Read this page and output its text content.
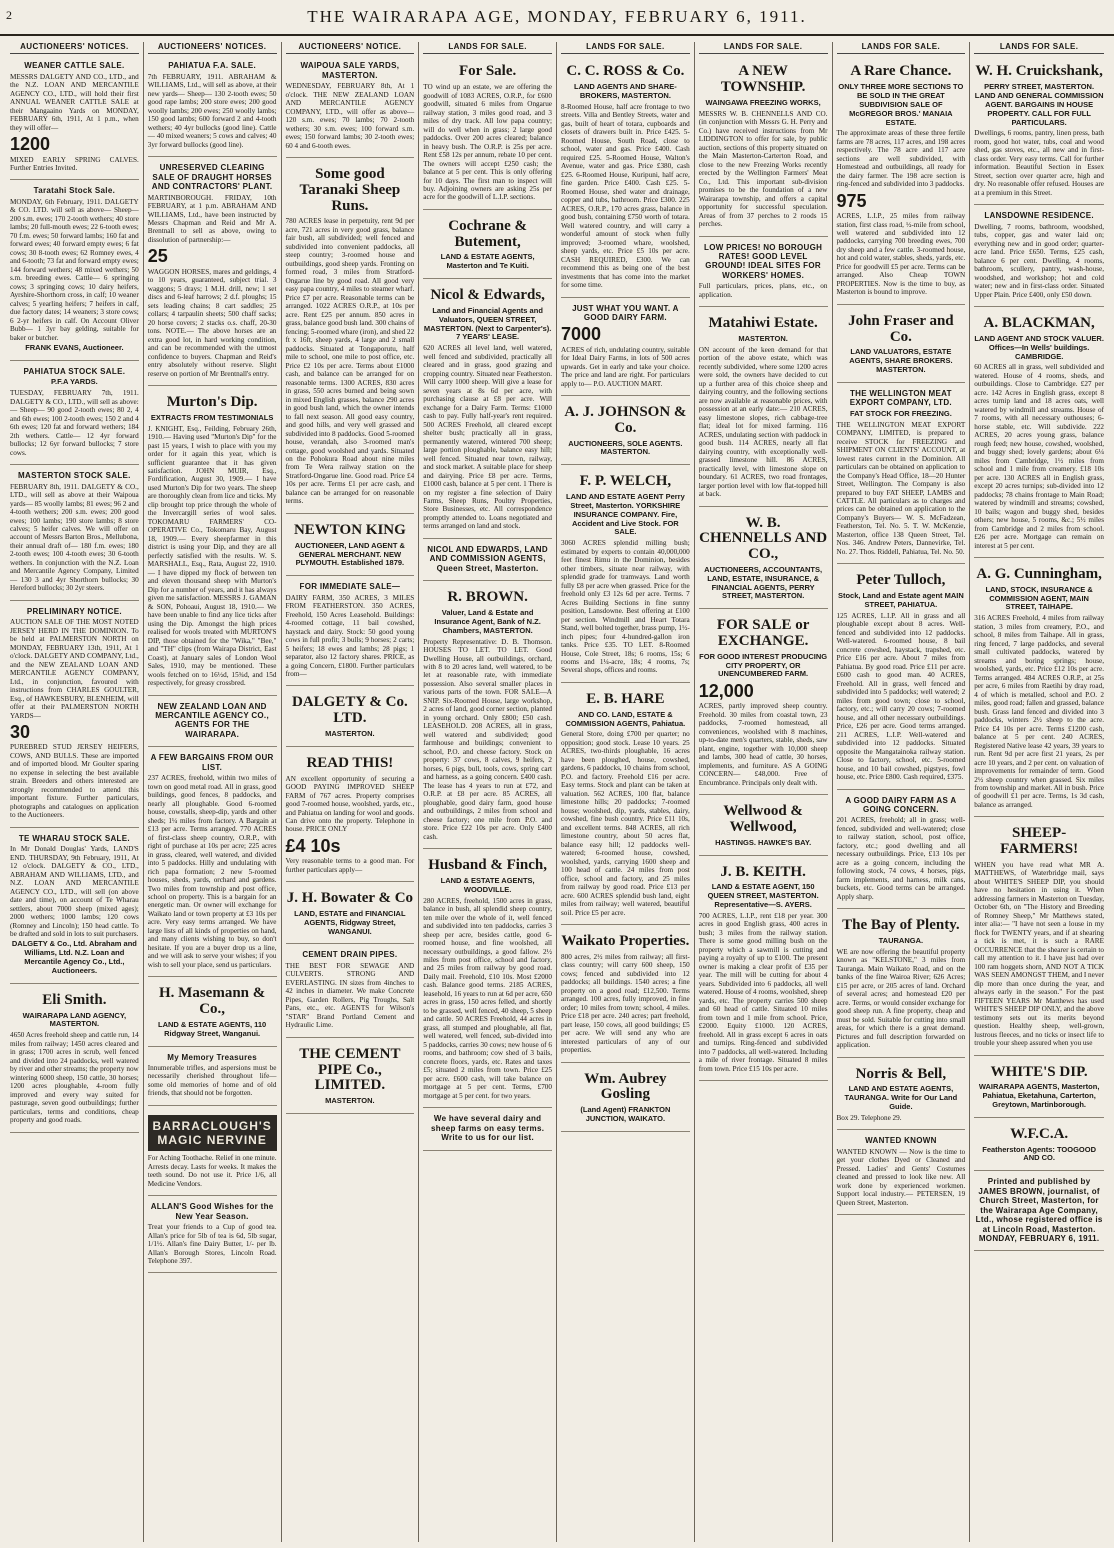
2	THE WAIRARAPA AGE, MONDAY, FEBRUARY 6, 1911.
AUCTIONEERS' NOTICES.
WEANER CATTLE SALE.

MESSRS DALGETY AND CO., LTD., and the N.Z. LOAN AND MERCANTILE AGENCY CO., LTD., will hold their first ANNUAL WEANER CATTLE SALE at their Mangaaino Yards on MONDAY, FEBRUARY 6th, 1911, At 1 p.m., when they will offer—

1200

MIXED EARLY SPRING CALVES. Further Entries Invited.

Taratahi Stock Sale.

MONDAY, 6th February, 1911. DALGETY & CO. LTD. will sell as above— Sheep— 200 s.m. ewes; 170 2-tooth wethers; 40 store lambs; 20 full-mouth ewes; 22 6-tooth ewes; 70 f.m. ewes; 50 forward lambs; 160 fat and forward ewes; 40 forward empty ewes; 6 fat cows; 30 8-tooth ewes; 62 Romney ewes, 4 and 6-tooth; 73 fat and forward empty ewes; 144 forward wethers; 48 mixed wethers; 50 s.m. breeding ewes. Cattle— 6 springing cows; 3 springing cows; 10 dairy heifers, Ayrshire-Shorthorn cross, in calf; 10 weaner calves; 5 yearling heifers; 7 heifers in calf, due factory dates; 14 weaners; 3 store cows; 6 2-yr heifers in calf. On Account Oliver Bubb— 1 3yr bay gelding, suitable for baker or butcher.

FRANK EVANS, Auctioneer.

PAHIATUA STOCK SALE.
P.F.A YARDS.

TUESDAY, FEBRUARY 7th, 1911. DALGETY & CO., LTD., will sell as above:— Sheep— 90 good 2-tooth ewes; 80 2, 4 and 6th ewes; 100 2-tooth ewes; 150 2 and 4 6th ewes; 120 fat and forward wethers; 184 2th wethers. Cattle— 12 4yr forward bullocks; 12 6yr forward bullocks; 7 store cows.

MASTERTON STOCK SALE.

FEBRUARY 8th, 1911. DALGETY & CO., LTD., will sell as above at their Waipoua yards— 85 woolly lambs; 81 ewes; 96 2 and 4-tooth wethers; 200 s.m. ewes; 200 good ewes; 100 lambs; 190 store lambs; 8 store calves; 5 heifer calves. We will offer on account of Messrs Barton Bros., Mellubona, their annual draft of— 180 f.m. ewes; 180 2-tooth ewes; 100 4-tooth ewes; 30 6-tooth wethers. In conjunction with the N.Z. Loan and Mercantile Agency Company, Limited— 130 3 and 4yr Shorthorn bullocks; 30 Hereford bullocks; 30 2yr steers.

PRELIMINARY NOTICE.

AUCTION SALE OF THE MOST NOTED JERSEY HERD IN THE DOMINION. To be held at PALMERSTON NORTH on MONDAY, FEBRUARY 13th, 1911, At 1 o'clock. DALGETY AND COMPANY, Ltd., and the NEW ZEALAND LOAN AND MERCANTILE AGENCY COMPANY, Ltd., in conjunction, favoured with instructions from CHARLES GOULTER, Esq., of HAWKESBURY, BLENHEIM, will offer at their PALMERSTON NORTH YARDS—

30

PUREBRED STUD JERSEY HEIFERS, COWS, AND BULLS. These are imported and of imported blood. Mr Goulter sparing no expense in selecting the best available strain. Breeders and others interested are strongly recommended to attend this important fixture. Further particulars, photographs and catalogues on application to the Auctioneers.

TE WHARAU STOCK SALE.

In Mr Donald Douglas' Yards, LAND'S END. THURSDAY, 9th February, 1911, At 12 o'clock. DALGETY & CO., LTD., ABRAHAM AND WILLIAMS, LTD., and N.Z. LOAN AND MERCANTILE AGENCY CO., LTD., will sell (on above date and time), on account of Te Wharau settlers, about 7000 sheep (mixed ages); 2000 wethers; 1000 lambs; 120 cows (Romney and Lincoln); 150 head cattle. To be drafted and sold in lots to suit purchasers.

DALGETY & Co., Ltd. Abraham and Williams, Ltd. N.Z. Loan and Mercantile Agency Co., Ltd., Auctioneers.

Eli Smith.
WAIRARAPA LAND AGENCY, MASTERTON.

4650 Acres freehold sheep and cattle run, 14 miles from railway; 1450 acres cleared and in grass; 1700 acres in scrub, well fenced and divided into 24 paddocks, well watered by river and other streams; the property now wintering 6000 sheep, 150 cattle, 30 horses; 1200 acres ploughable, 4-room fully improved and every way suited for pasturage, seven good outbuildings; further particulars, terms and conditions, cheap property and good roads.

AUCTIONEERS' NOTICES.
PAHIATUA F.A. SALE.

7th FEBRUARY, 1911. ABRAHAM & WILLIAMS, Ltd., will sell as above, at their new yards— Sheep— 130 2-tooth ewes; 50 good rape lambs; 200 store ewes; 200 good woolly lambs; 200 ewes; 250 woolly lambs; 150 good lambs; 600 forward 2 and 4-tooth wethers; 40 4yr bullocks (good line). Cattle— 40 mixed weaners; 5 cows and calves; 40 3yr forward bullocks (good line).

UNRESERVED CLEARING SALE OF DRAUGHT HORSES AND CONTRACTORS' PLANT.

MARTINBOROUGH. FRIDAY, 10th FEBRUARY, at 1 p.m. ABRAHAM AND WILLIAMS, Ltd., have been instructed by Messrs Chapman and Reid and Mr A. Brentnall to sell as above, owing to dissolution of partnership:—

25

WAGGON HORSES, mares and geldings, 4 to 10 years, guaranteed, subject trial. 3 waggons; 5 drays; 1 M.H. drill, new; 1 set discs and 6-leaf harrows; 2 d.f. ploughs; 15 sets leading chains; 8 cart saddles; 25 collars; 4 tarpaulin sheets; 500 chaff sacks; 20 horse covers; 2 stacks o.s. chaff, 20-30 tons. NOTE.— The above horses are an extra good lot, in hard working condition, and can be recommended with the utmost confidence to buyers. Chapman and Reid's entry absolutely without reserve. Slight reserve on portion of Mr Brentnall's entry.

Murton's Dip.
EXTRACTS FROM TESTIMONIALS

J. KNIGHT, Esq., Feilding, February 26th, 1910.— Having used "Murton's Dip" for the past 15 years, I wish to place with you my order for it again this year, which is sufficient guarantee that it has given satisfaction. JOHN MUIR, Esq., Fordification, August 30, 1909.— I have used Murton's Dip for two years. The sheep are thoroughly clean from lice and ticks. My clip brought top price through the whole of the Invercargill series of wool sales. TOKOMARU FARMERS' CO-OPERATIVE Co., Tokomaru Bay, August 18, 1909.— Every sheepfarmer in this district is using your Dip, and they are all perfectly satisfied with the results. W. S. MARSHALL, Esq., Rata, August 22, 1910.— I have dipped my flock of between ten and eleven thousand sheep with Murton's Dip for a number of years, and it has always given me satisfaction. MESSRS J. GAMAN & SON, Pohoaui, August 18, 1910.— We have been unable to find any lice ticks after using the Dip. Amongst the high prices realised for wools treated with MURTON'S DIP, those obtained for the "Wika," "Bee," and "TH" clips (from Wairapa District, East Coast), at January sales of London Wool Sales, 1910, may be mentioned. These wools fetched on to 16½d, 15¾d, and 15d respectively, for greasy crossbred.

NEW ZEALAND LOAN AND MERCANTILE AGENCY CO., AGENTS FOR THE WAIRARAPA.
A FEW BARGAINS FROM OUR LIST.

237 ACRES, freehold, within two miles of town on good metal road. All in grass, good buildings, good fences, 8 paddocks, and nearly all ploughable. Good 6-roomed house, cowstalls, sheep-dip, yards and other sheds; 1¼ miles from factory. A Bargain at £13 per acre. Terms arranged. 770 ACRES of first-class sheep country, O.R.P., with right of purchase at 10s per acre; 225 acres in grass, cleared, well watered, and divided into 5 paddocks. Hilly and undulating with rich papa formation; 2 new 5-roomed houses, sheds, yards, orchard and gardens. Two miles from township and post office, school on property. This is a bargain for an energetic man. Or owner will exchange for Waikato land or town property at £3 10s per acre. Very easy terms arranged. We have large lists of all kinds of properties on hand, and many clients wishing to buy, so don't hesitate. If you are a buyer drop us a line, and we will ask to serve your wishes; if you wish to sell your place, send us particulars.

H. Masemann & Co.,
LAND & ESTATE AGENTS, 110 Ridgway Street, Wanganui.
My Memory Treasures

Innumerable trifles, and aspersions must be necessarily cherished throughout life— some old memories of home and of old friends, that should not be forgotten.

BARRACLOUGH'S MAGIC NERVINE

For Aching Toothache. Relief in one minute. Arrests decay. Lasts for weeks. It makes the teeth sound. Do not use it. Price 1/6, all Medicine Vendors.

ALLAN'S Good Wishes for the New Year Season.

Treat your friends to a Cup of good tea. Allan's price for 5lb of tea is 6d, 5lb sugar, 1/1½. Allan's fine Dairy Butter, 1/- per lb. Allan's Borough Stores, Lincoln Road. Telephone 397.

AUCTIONEERS' NOTICE.
WAIPOUA SALE YARDS, MASTERTON.

WEDNESDAY, FEBRUARY 8th, At 1 o'clock. THE NEW ZEALAND LOAN AND MERCANTILE AGENCY COMPANY, LTD., will offer as above— 120 s.m. ewes; 70 lambs; 70 2-tooth wethers; 30 s.m. ewes; 100 forward s.m. ewes; 150 forward lambs; 30 2-tooth ewes; 60 4 and 6-tooth ewes.

Some good Taranaki Sheep Runs.

780 ACRES lease in perpetuity, rent 9d per acre, 721 acres in very good grass, balance fair bush, all subdivided; well fenced and subdivided into convenient paddocks, all steep country; 3-roomed house and outbuildings, good sheep yards. Fronting on formed road, 3 miles from Stratford-Ongarue line by good road. All good very easy papa country, 4 miles to steamer wharf. Price £7 per acre. Reasonable terms can be arranged. 1022 ACRES O.R.P., at 10s per acre. Rent £25 per annum. 850 acres in grass, balance good bush land. 300 chains of fencing; 5-roomed whare (iron), and shed 22 ft x 16ft, sheep yards, 4 large and 2 small paddocks. Situated at Tongaporutu, half mile to school, one mile to post office, etc. Price £2 10s per acre. Terms about £1000 cash, and balance can be arranged for on reasonable terms. 1300 ACRES, 830 acres in grass, 550 acres burned and being sown in mixed English grasses, balance 290 acres in good bush land, which the owner intends to fall next season. All good easy country, and good hills, and very well grassed and subdivided into 8 paddocks. Good 5-roomed house, verandah, also 3-roomed man's cottage, good woolshed and yards. Situated on the Pohokura Road about nine miles from Te Wera railway station on the Stratford-Ongarue line. Good road. Price £4 10s per acre. Terms £1 per acre cash, and balance can be arranged for on reasonable terms.

NEWTON KING
AUCTIONEER, LAND AGENT & GENERAL MERCHANT. NEW PLYMOUTH. Established 1879.
FOR IMMEDIATE SALE—

DAIRY FARM, 350 ACRES, 3 MILES FROM FEATHERSTON. 350 ACRES, Freehold, 150 Acres Leasehold. Buildings: 4-roomed cottage, 11 bail cowshed, haystack and dairy. Stock: 50 good young cows in full profit; 3 bulls; 9 horses; 2 carts; 5 heifers; 18 ewes and lambs; 28 pigs; 1 separator, also 12 factory shares. PRICE, as a going Concern, £1800. Further particulars from—

DALGETY & Co. LTD.
MASTERTON.
READ THIS!

AN excellent opportunity of securing a GOOD PAYING IMPROVED SHEEP FARM of 767 acres. Property comprises good 7-roomed house, woolshed, yards, etc., and Pahiatua on landing for wool and goods. Can drive onto the property. Telephone in house. PRICE ONLY

£4 10s

Very reasonable terms to a good man. For further particulars apply—

J. H. Bowater & Co
LAND, ESTATE and FINANCIAL AGENTS, Ridgway Street, WANGANUI.
CEMENT DRAIN PIPES.

THE BEST FOR SEWAGE AND CULVERTS. STRONG AND EVERLASTING. IN sizes from 4inches to 42 inches in diameter. We make Concrete Pipes, Garden Rollers, Pig Troughs, Salt Pans, etc., etc. AGENTS for Wilson's "STAR" Brand Portland Cement and Hydraulic Lime.

THE CEMENT PIPE Co., LIMITED.
MASTERTON.
LANDS FOR SALE.
For Sale.

TO wind up an estate, we are offering the goodwill of 1083 ACRES, O.R.P., for £600 goodwill, situated 6 miles from Ongarue railway station, 3 miles good road, and 3 miles of dry track. All low papa country; will do well when in grass; 2 large good paddocks. Over 200 acres cleared; balance in heavy bush. The O.R.P. is 25s per acre. Rent £58 12s per annum, rebate 10 per cent. The owners will accept £250 cash; the balance at 5 per cent. This is only offering for 10 days. The first man to inspect will buy. Adjoining owners are asking 25s per acre for the goodwill of L.I.P. sections.

Cochrane & Butement,
LAND & ESTATE AGENTS, Masterton and Te Kuiti.
Nicol & Edwards,
Land and Financial Agents and Valuators, QUEEN STREET, MASTERTON. (Next to Carpenter's). 7 YEARS' LEASE.

620 ACRES all level land, well watered, well fenced and subdivided, practically all cleared and in grass, good grazing and cropping country. Situated near Featherston. Will carry 1000 sheep. Will give a lease for seven years at 8s 6d per acre, with purchasing clause at £8 per acre. Will exchange for a Dairy Farm. Terms: £1000 cash to pay. Fully half-year's rent required. 500 ACRES Freehold, all cleared except shelter bush; practically all in grass, permanently watered, wintered 700 sheep; large portion ploughable, balance easy hill; well fenced. Situated near town, railway, and stock market. A suitable place for sheep and dairying. Price £8 per acre. Terms, £1000 cash, balance at 5 per cent. 1 There is on my register a fine selection of Dairy Farms, Sheep Runs, Poultry Properties, Store Businesses, etc. All correspondence promptly attended to. Loans negotiated and terms arranged on land and stock.

NICOL AND EDWARDS, LAND AND COMMISSION AGENTS, Queen Street, Masterton.
R. BROWN.
Valuer, Land & Estate and Insurance Agent, Bank of N.Z. Chambers, MASTERTON.

Property Representative: D. B. Thomson. HOUSES TO LET. TO LET. Good Dwelling House, all outbuildings, orchard, with 8 to 20 acres land, well watered, to be let at reasonable rate, with immediate possession. Also several smaller places in various parts of the town. FOR SALE—A SNIP. Six-Roomed House, large workshop, 2 acres of land, good corner section, planted in young orchard. Only £800; £50 cash. LEASEHOLD. 208 ACRES, all in grass, well watered and subdivided; good farmhouse and buildings; convenient to school, P.O. and cheese factory. Stock on property: 37 cows, 8 calves, 9 heifers, 2 horses, 6 pigs, bull, tools, cows, spring cart and harness, as a going concern. £400 cash. The lease has 4 years to run at £72, and O.R.P. at £8 per acre. 85 ACRES, all ploughable, good dairy farm, good house and outbuildings, 2 miles from school and cheese factory; one mile from P.O. and store. Price £22 10s per acre. Only £400 cash.

Husband & Finch,
LAND & ESTATE AGENTS, WOODVILLE.

280 ACRES, freehold, 1500 acres in grass, balance in bush, all splendid sheep country, ten mile over the whole of it, well fenced and subdivided into ten paddocks, carries 3 sheep per acre, besides cattle, good 6-roomed house, and fine woolshed, all necessary outbuildings, a good fallow. 2½ miles from post office, school and factory, and 25 miles from railway by good road. Daily mail. Freehold, £10 10s. Most £2000 cash. Balance good terms. 2185 ACRES, leasehold, 16 years to run at 6d per acre, 650 acres in grass, 150 acres felled, and shortly to be grassed, well fenced, 40 sheep, 5 sheep and cattle. 50 ACRES Freehold, 44 acres in grass, all stumped and ploughable, all flat, well watered, well fenced, sub-divided into 5 paddocks, carries 30 cows; new house of 6 rooms, and bathroom; cow shed of 3 bails, concrete floors, yards, etc. Rates and taxes £5; situated 2 miles from town. Price £25 per acre. £600 cash, will take balance on mortgage at 5 per cent. Terms, £700 mortgage at 5 per cent. for two years.

We have several dairy and sheep farms on easy terms. Write to us for our list.
LANDS FOR SALE.
C. C. ROSS & Co.
LAND AGENTS AND SHARE-BROKERS, MASTERTON.

8-Roomed House, half acre frontage to two streets. Villa and Bentley Streets, water and gas, built of heart of totara, cupboards and closets of drawers built in. Price £425. 5-Roomed House, South Road, close to school, water and gas. Price £400. Cash required £25. 5-Roomed House, Walton's Avenue, water and gas. Price £380, cash £25. 6-Roomed House, Kuripuni, half acre, fine garden. Price £400. Cash £25. 5-Roomed House, shed water and drainage, copper and tubs, bathroom. Price £300. 225 ACRES, O.R.P., 170 acres grass, balance in good bush, containing £750 worth of totara. Well watered country, and will carry a wonderful amount of stock when fully improved; 3-roomed whare, woolshed, sheep yards, etc. Price £5 10s per acre. CASH REQUIRED, £300. We can recommend this as being one of the best investments that has come into the market for some time.

JUST WHAT YOU WANT. A GOOD DAIRY FARM.
7000

ACRES of rich, undulating country, suitable for Ideal Dairy Farms, in lots of 500 acres upwards. Get in early and take your choice. The price and land are right. For particulars apply to— P.O. AUCTION MART.

A. J. JOHNSON & Co.
AUCTIONEERS, SOLE AGENTS. MASTERTON.
F. P. WELCH,
LAND AND ESTATE AGENT Perry Street, Masterton. YORKSHIRE INSURANCE COMPANY. Fire, Accident and Live Stock. FOR SALE.

3060 ACRES splendid milling bush; estimated by experts to contain 40,000,000 feet finest Rimu in the Dominion, besides other timbers, situate near railway, with splendid grade for tramways. Land worth fully £8 per acre when grassed. Price for the freehold only £3 12s 6d per acre. Terms. 7 Acres Building Sections in fine sunny position, Lansdowne. Best offering at £100 per section. Windmill and Heart Totara Stand, well bolted together, brass pump, 1½-inch pipes; four 4-hundred-gallon iron tanks. Price £35. TO LET. 8-Roomed House, Cole Street, 18s; 6 rooms, 15s; 6 rooms and 1¼-acre, 18s; 4 rooms, 7s; Several shops, offices and rooms.

E. B. HARE
AND CO. LAND, ESTATE & COMMISSION AGENTS, Pahiatua.

General Store, doing £700 per quarter; no opposition; good stock. Lease 10 years. 25 ACRES, two-thirds ploughable, 16 acres have been ploughed, house, cowshed, gardens, 6 paddocks, 10 chains from school, P.O. and factory. Freehold £16 per acre. Easy terms. Stock and plant can be taken at valuation. 562 ACRES, 100 flat, balance limestone hills; 20 paddocks; 7-roomed house; woolshed, dip, yards, stables, dairy, cowshed, fine bush country. Price £11 10s, and excellent terms. 848 ACRES, all rich limestone country, about 50 acres flat, balance easy hill; 12 paddocks well-watered; 6-roomed house, cowshed, woolshed, yards, carrying 1600 sheep and 100 head of cattle. 24 miles from post office, school and factory, and 25 miles from railway by good road. Price £13 per acre. 600 ACRES splendid bush land, eight miles from railway; well watered, beautiful soil. Price £5 per acre.

Waikato Properties.

800 acres, 2½ miles from railway; all first-class country; will carry 600 sheep, 150 cows; fenced and subdivided into 12 paddocks; all buildings. 1540 acres; a fine property on a good road; £12,500. Terms arranged. 100 acres, fully improved, in fine order; 10 miles from town; school, 4 miles. Price £18 per acre. 240 acres; part freehold, part lease, 150 cows, all good buildings; £5 per acre. We will send any who are interested particulars of any of our properties.

Wm. Aubrey Gosling
(Land Agent) FRANKTON JUNCTION, WAIKATO.
LANDS FOR SALE.
A NEW TOWNSHIP.
WAINGAWA FREEZING WORKS,

MESSRS W. B. CHENNELLS AND CO. (in conjunction with Messrs G. H. Perry and Co.) have received instructions from Mr LIDDINGTON to offer for sale, by public auction, sections of this property situated on the Main Masterton-Carterton Road, and close to the new Freezing Works recently erected by the Wellington Farmers' Meat Co., Ltd. This important sub-division promises to be the foundation of a new Wairarapa township, and offers a capital opportunity for successful speculation. Areas of from 37 perches to 2 roods 15 perches.

LOW PRICES! NO BOROUGH RATES! GOOD LEVEL GROUND! IDEAL SITES FOR WORKERS' HOMES.

Full particulars, prices, plans, etc., on application.

Matahiwi Estate.
MASTERTON.

ON account of the keen demand for that portion of the above estate, which was recently subdivided, where some 1200 acres were sold, the owners have decided to cut up a further area of this choice sheep and dairying country, and the following sections are now available at reasonable prices, with possession at an early date:— 210 ACRES, easy limestone slopes, rich cabbage-tree flat; ideal lot for mixed farming. 116 ACRES, undulating section with paddock in good bush. 114 ACRES, nearly all flat dairying country, with exceptionally well-grassed limestone hill. 86 ACRES, practically level, with limestone slope on boundary. 61 ACRES, two road frontages, larger portion level with low flat-topped hill at back.

W. B. CHENNELLS AND CO.,
AUCTIONEERS, ACCOUNTANTS, LAND, ESTATE, INSURANCE, & FINANCIAL AGENTS, PERRY STREET, MASTERTON.
FOR SALE or EXCHANGE.
FOR GOOD INTEREST PRODUCING CITY PROPERTY, OR UNENCUMBERED FARM.
12,000

ACRES, partly improved sheep country. Freehold. 30 miles from coastal town, 23 paddocks, 7-roomed homestead, all conveniences, woolshed with 8 machines, up-to-date men's quarters, stable, sheds, saw plant, engine, together with 10,000 sheep and lambs, 300 head of cattle, 30 horses, implements, and furniture. AS A GOING CONCERN— £48,000. Free of Encumbrance. Principals only dealt with.

Wellwood & Wellwood,
HASTINGS. HAWKE'S BAY.
J. B. KEITH.
LAND & ESTATE AGENT, 150 QUEEN STREET, MASTERTON. Representative—S. AYERS.

700 ACRES, L.I.P., rent £18 per year. 300 acres in good English grass, 400 acres in bush; 3 miles from the railway station. There is some good milling bush on the property which a sawmill is cutting and paying a royalty of up to £100. The present owner is making a clear profit of £35 per year. The mill will be cutting for about 4 years. Subdivided into 6 paddocks, all well watered. House of 4 rooms, woolshed, sheep yards, etc. The property carries 500 sheep and 60 head of cattle. Situated 10 miles from town and 1 mile from school. Price, £2000. Equity £1000. 120 ACRES, freehold. All in grass except 6 acres in oats and turnips. Ring-fenced and subdivided into 7 paddocks, all well-watered. Including a mile of river frontage. Situated 8 miles from town. Price £15 10s per acre.

LANDS FOR SALE.
A Rare Chance.
ONLY THREE MORE SECTIONS TO BE SOLD IN THE GREAT SUBDIVISION SALE OF McGREGOR BROS.' MANAIA ESTATE.

The approximate areas of these three fertile farms are 78 acres, 117 acres, and 198 acres respectively. The 78 acre and 117 acre sections are well subdivided, with Homestead and outbuildings, all ready for the dairy farmer. The 198 acre section is ring-fenced and subdivided into 3 paddocks.

975

ACRES, L.I.P., 25 miles from railway station, first class road, ½-mile from school, well watered and subdivided into 12 paddocks, carrying 700 breeding ewes, 700 dry sheep and a few cattle. 3-roomed house, hot and cold water, stables, sheds, yards, etc. Price for goodwill £5 per acre. Terms can be arranged. Also Cheap TOWN PROPERTIES. Now is the time to buy, as Masterton is bound to improve.

John Fraser and Co.
LAND VALUATORS, ESTATE AGENTS, SHARE BROKERS. MASTERTON.
THE WELLINGTON MEAT EXPORT COMPANY, LTD.
FAT STOCK FOR FREEZING.

THE WELLINGTON MEAT EXPORT COMPANY, LIMITED, is prepared to receive STOCK for FREEZING and SHIPMENT ON CLIENTS' ACCOUNT, at lowest rates current in the Dominion. All particulars can be obtained on application to the Company's Head Office, 18—20 Hunter Street, Wellington. The Company is also prepared to buy FAT SHEEP, LAMBS and CATTLE. All particulars as to charges and prices can be obtained on application to the Company's Buyers— W. S. McFadzean, Featherston, Tel. No. 5. T. W. McKenzie, Masterton, office 138 Queen Street, Tel. Nos. 346. Andrew Peters, Dannevirke, Tel. No. 27. Thos. Riddell, Pahiatua, Tel. No. 50.

Peter Tulloch,
Stock, Land and Estate agent MAIN STREET, PAHIATUA.

125 ACRES, L.I.P. All in grass and all ploughable except about 8 acres. Well-fenced and subdivided into 12 paddocks. Well-watered. 6-roomed house, 8 bail concrete cowshed, haystack, trapshed, etc. Price £16 per acre. About 7 miles from Pahiatua. By good road. Price £11 per acre. £600 cash to good man. 40 ACRES, Freehold. All in grass, well fenced and subdivided into 5 paddocks; well watered; 2 miles from good town; close to school, factory, etc.; will carry 20 cows; 7-roomed house, and all other necessary outbuildings. Price, £26 per acre. Good terms arranged. 211 ACRES, L.I.P. Well-watered and subdivided into 12 paddocks. Situated opposite the Mangatainoka railway station. Close to factory, school, etc. 5-roomed house, and 10 bail cowshed, pigstyes, fowl house, etc. Price £800. Cash required, £375.

A GOOD DAIRY FARM AS A GOING CONCERN.

201 ACRES, freehold; all in grass; well-fenced, subdivided and well-watered; close to railway station, school, post office, factory, etc.; good dwelling and all necessary outbuildings. Price, £13 10s per acre as a going concern, including the following stock, 74 cows, 4 horses, pigs, farm implements, and harness, milk cans, buckets, etc. Good terms can be arranged. Apply sharp.

The Bay of Plenty.
TAURANGA.

WE are now offering the beautiful property known as "KELSTONE," 3 miles from Tauranga. Main Waikato Road, and on the banks of the fine Wairoa River; 626 Acres; £15 per acre, or 205 acres of land. Orchard of several acres; and homestead £20 per acre. Terms, or would consider exchange for good sheep run. A fine property, cheap and must be sold. Suitable for cutting into small areas, for which there is a great demand. Pictures and full description forwarded on application.

Norris & Bell,
LAND AND ESTATE AGENTS, TAURANGA. Write for Our Land Guide.

Box 29. Telephone 29.

WANTED KNOWN

WANTED KNOWN — Now is the time to get your clothes Dyed or Cleaned and Pressed. Ladies' and Gents' Costumes cleaned and pressed to look like new. All work done by experienced workmen. Support local industry.— PETERSEN, 19 Queen Street, Masterton.

LANDS FOR SALE.
W. H. Cruickshank,
PERRY STREET, MASTERTON. LAND AND GENERAL COMMISSION AGENT. BARGAINS IN HOUSE PROPERTY. CALL FOR FULL PARTICULARS.

Dwellings, 6 rooms, pantry, linen press, bath room, good hot water, tubs, coal and wood shed, gas stoves, etc., all new and in first-class order. Very easy terms. Call for further information. Beautiful Section in Essex Street, section over quarter acre, high and dry. No reasonable offer refused. Houses are at a premium in this Street.

LANSDOWNE RESIDENCE.

Dwelling, 7 rooms, bathroom, woodshed, tubs, copper, gas and water laid on; everything new and in good order; quarter-acre land. Price £650. Terms, £25 cash, balance 6 per cent. Dwelling, 4 rooms, bathroom, scullery, pantry, wash-house, woodshed, and workshop; hot and cold water; new and in first-class order. Situated Upper Plain. Price £400, only £50 down.

A. BLACKMAN,
LAND AGENT AND STOCK VALUER. Offices—In Wells' buildings. CAMBRIDGE.

60 ACRES all in grass, well subdivided and watered. House of 4 rooms, sheds, and outbuildings. Close to Cambridge. £27 per acre. 142 Acres in English grass, except 8 acres turnip land and 18 acres oats, well watered by windmill and streams. House of 7 rooms, with all necessary outhouses; 6-horse stable, etc. Will subdivide. 222 ACRES, 20 acres young grass, balance rough feed; new house, cowshed, woolshed, and buggy shed; lovely gardens; about 6¼ miles from Cambridge, 1½ miles from school and 1 mile from creamery. £18 10s per acre. 130 ACRES all in English grass, except 20 acres turnips; sub-divided into 12 paddocks; 78 chains frontage to Main Road; watered by windmill and streams; cowshed, 10 bails; wagon and buggy shed, besides others; new house, 5 rooms, &c.; 5½ miles from Cambridge and 2 miles from school. £26 per acre. Mortgage can remain on interest at 5 per cent.

A. G. Cunningham,
LAND, STOCK, INSURANCE & COMMISSION AGENT, MAIN STREET, TAIHAPE.

316 ACRES Freehold, 4 miles from railway station, 3 miles from creamery, P.O., and school, 8 miles from Taihape. All in grass, ring fenced, 7 large paddocks, and several small cultivated paddocks, watered by streams and boring springs; house, woolshed, yards, etc. Price £12 10s per acre. Terms arranged. 484 ACRES O.R.P., at 25s per acre, 6 miles from Raetihi by dray road, 4 of which is metalled, school and P.O. 2 miles, good road; fallen and grassed, balance bush. Grass land fenced and divided into 3 paddocks, winters 2½ sheep to the acre. Price £4 10s per acre. Terms £1200 cash, balance at 5 per cent. 240 ACRES, Registered Native lease 42 years, 39 years to run. Rent 9d per acre first 21 years, 2s per acre 10 years, and 2 per cent. on valuation of improvements for remainder of term. Good 2½ sheep country when grassed. Six miles from township and market. All in bush. Price of goodwill £1 per acre. Terms, 1s 3d cash, balance as arranged.

SHEEP-FARMERS!

WHEN you have read what MR A. MATTHEWS, of Waterbridge mail, says about WHITE'S SHEEP DIP, you should have no hesitation in using it. When addressing farmers in Masterton on Tuesday, October 6th, on "The History and Breeding of Romney Sheep," Mr Matthews stated, inter alia:— "I have not seen a louse in my flock for TWENTY years, and if at shearing a tick is met, it is such a RARE OCCURRENCE that the shearer is certain to call my attention to it. I have just had over 100 ram hoggets shorn, AND NOT A TICK WAS SEEN AMONGST THEM, and I never dip more than once during the year, and always early in the season." For the past FIFTEEN YEARS Mr Matthews has used WHITE'S SHEEP DIP ONLY, and the above testimony sets out its merits beyond question. Healthy sheep, well-grown, lustrous fleeces, and no ticks or insect life to trouble your sheep assured when you use

WHITE'S DIP.
WAIRARAPA AGENTS, Masterton, Pahiatua, Eketahuna, Carterton, Greytown, Martinborough.
W.F.C.A.
Featherston Agents: TOOGOOD AND CO.
Printed and published by JAMES BROWN, journalist, of Church Street, Masterton, for the Wairarapa Age Company, Ltd., whose registered office is at Lincoln Road, Masterton. MONDAY, FEBRUARY 6, 1911.
